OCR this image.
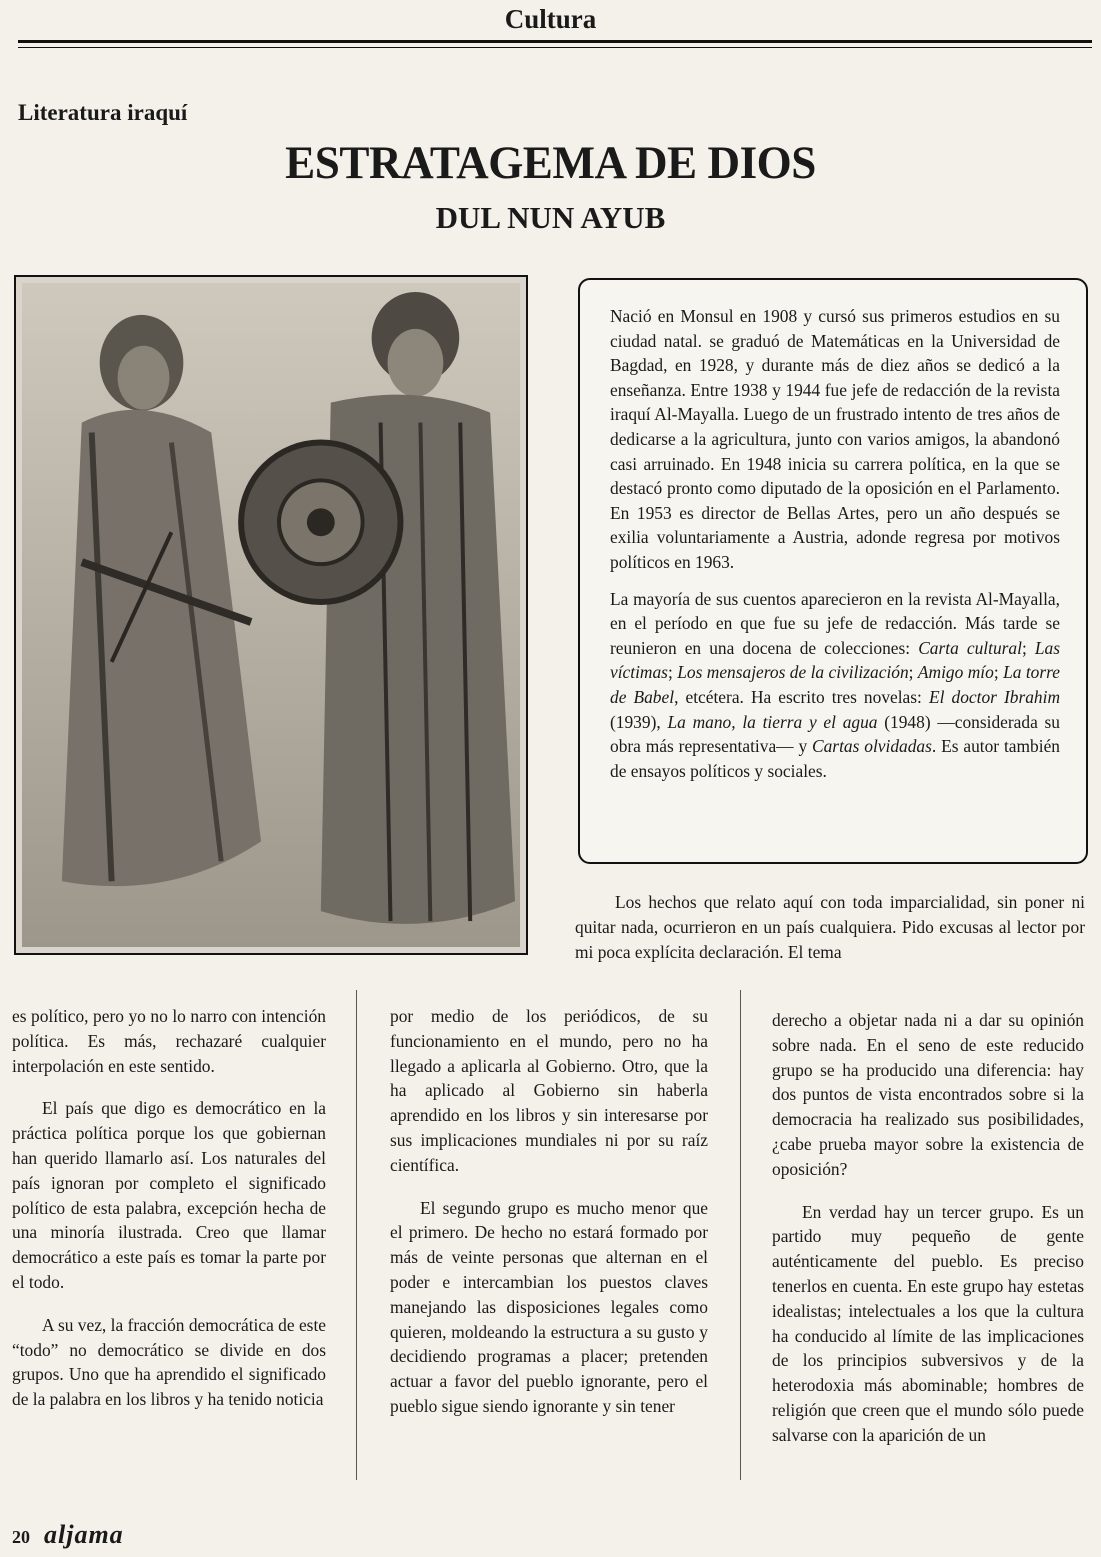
Cultura
Literatura iraquí
ESTRATAGEMA DE DIOS
DUL NUN AYUB

Nació en Monsul en 1908 y cursó sus primeros estudios en su ciudad natal. se graduó de Matemáticas en la Universidad de Bagdad, en 1928, y durante más de diez años se dedicó a la enseñanza. Entre 1938 y 1944 fue jefe de redacción de la revista iraquí Al-Mayalla. Luego de un frustrado intento de tres años de dedicarse a la agricultura, junto con varios amigos, la abandonó casi arruinado. En 1948 inicia su carrera política, en la que se destacó pronto como diputado de la oposición en el Parlamento. En 1953 es director de Bellas Artes, pero un año después se exilia voluntariamente a Austria, adonde regresa por motivos políticos en 1963.

La mayoría de sus cuentos aparecieron en la revista Al-Mayalla, en el período en que fue su jefe de redacción. Más tarde se reunieron en una docena de colecciones: Carta cultural; Las víctimas; Los mensajeros de la civilización; Amigo mío; La torre de Babel, etcétera. Ha escrito tres novelas: El doctor Ibrahim (1939), La mano, la tierra y el agua (1948) —considerada su obra más representativa— y Cartas olvidadas. Es autor también de ensayos políticos y sociales.

Los hechos que relato aquí con toda imparcialidad, sin poner ni quitar nada, ocurrieron en un país cualquiera. Pido excusas al lector por mi poca explícita declaración. El tema

es político, pero yo no lo narro con intención política. Es más, rechazaré cualquier interpolación en este sentido.

El país que digo es democrático en la práctica política porque los que gobiernan han querido llamarlo así. Los naturales del país ignoran por completo el significado político de esta palabra, excepción hecha de una minoría ilustrada. Creo que llamar democrático a este país es tomar la parte por el todo.

A su vez, la fracción democrática de este “todo” no democrático se divide en dos grupos. Uno que ha aprendido el significado de la palabra en los libros y ha tenido noticia

por medio de los periódicos, de su funcionamiento en el mundo, pero no ha llegado a aplicarla al Gobierno. Otro, que la ha aplicado al Gobierno sin haberla aprendido en los libros y sin interesarse por sus implicaciones mundiales ni por su raíz científica.

El segundo grupo es mucho menor que el primero. De hecho no estará formado por más de veinte personas que alternan en el poder e intercambian los puestos claves manejando las disposiciones legales como quieren, moldeando la estructura a su gusto y decidiendo programas a placer; pretenden actuar a favor del pueblo ignorante, pero el pueblo sigue siendo ignorante y sin tener

derecho a objetar nada ni a dar su opinión sobre nada. En el seno de este reducido grupo se ha producido una diferencia: hay dos puntos de vista encontrados sobre si la democracia ha realizado sus posibilidades, ¿cabe prueba mayor sobre la existencia de oposición?

En verdad hay un tercer grupo. Es un partido muy pequeño de gente auténticamente del pueblo. Es preciso tenerlos en cuenta. En este grupo hay estetas idealistas; intelectuales a los que la cultura ha conducido al límite de las implicaciones de los principios subversivos y de la heterodoxia más abominable; hombres de religión que creen que el mundo sólo puede salvarse con la aparición de un

20 aljama
